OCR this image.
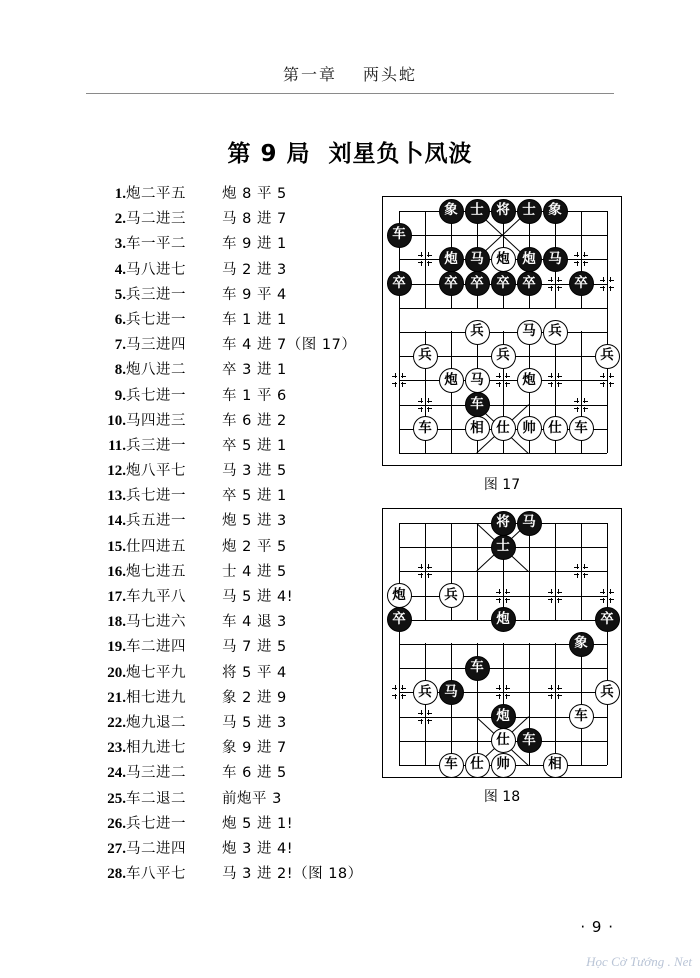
第一章 两头蛇
第 9 局 刘星负卜凤波
1. 炮二平五	炮 8 平 5
2. 马二进三	马 8 进 7
3. 车一平二	车 9 进 1
4. 马八进七	马 2 进 3
5. 兵三进一	车 9 平 4
6. 兵七进一	车 1 进 1
7. 马三进四	车 4 进 7（图 17）
8. 炮八进二	卒 3 进 1
9. 兵七进一	车 1 平 6
10. 马四进三	车 6 进 2
11. 兵三进一	卒 5 进 1
12. 炮八平七	马 3 进 5
13. 兵七进一	卒 5 进 1
14. 兵五进一	炮 5 进 3
15. 仕四进五	炮 2 平 5
16. 炮七进五	士 4 进 5
17. 车九平八	马 5 进 4!
18. 马七进六	车 4 退 3
19. 车二进四	马 7 进 5
20. 炮七平九	将 5 平 4
21. 相七进九	象 2 进 9
22. 炮九退二	马 5 进 3
23. 相九进七	象 9 进 7
24. 马三进二	车 6 进 5
25. 车二退二	前炮平 3
26. 兵七进一	炮 5 进 1!
27. 马二进四	炮 3 进 4!
28. 车八平七	马 3 进 2!（图 18）
象 士 将 士 象
车
炮 马 炮 炮 马
卒	卒 卒 卒 卒	卒
兵	马 兵
兵	兵	兵
炮 马	炮
车
车	相 仕 帅 仕 车
图 17
将 马
士
炮	兵
卒	炮	卒
象
车
兵 马	兵
炮	车
仕 车
车 仕 帅	相
图 18
· 9 ·
Học Cờ Tướng . Net
